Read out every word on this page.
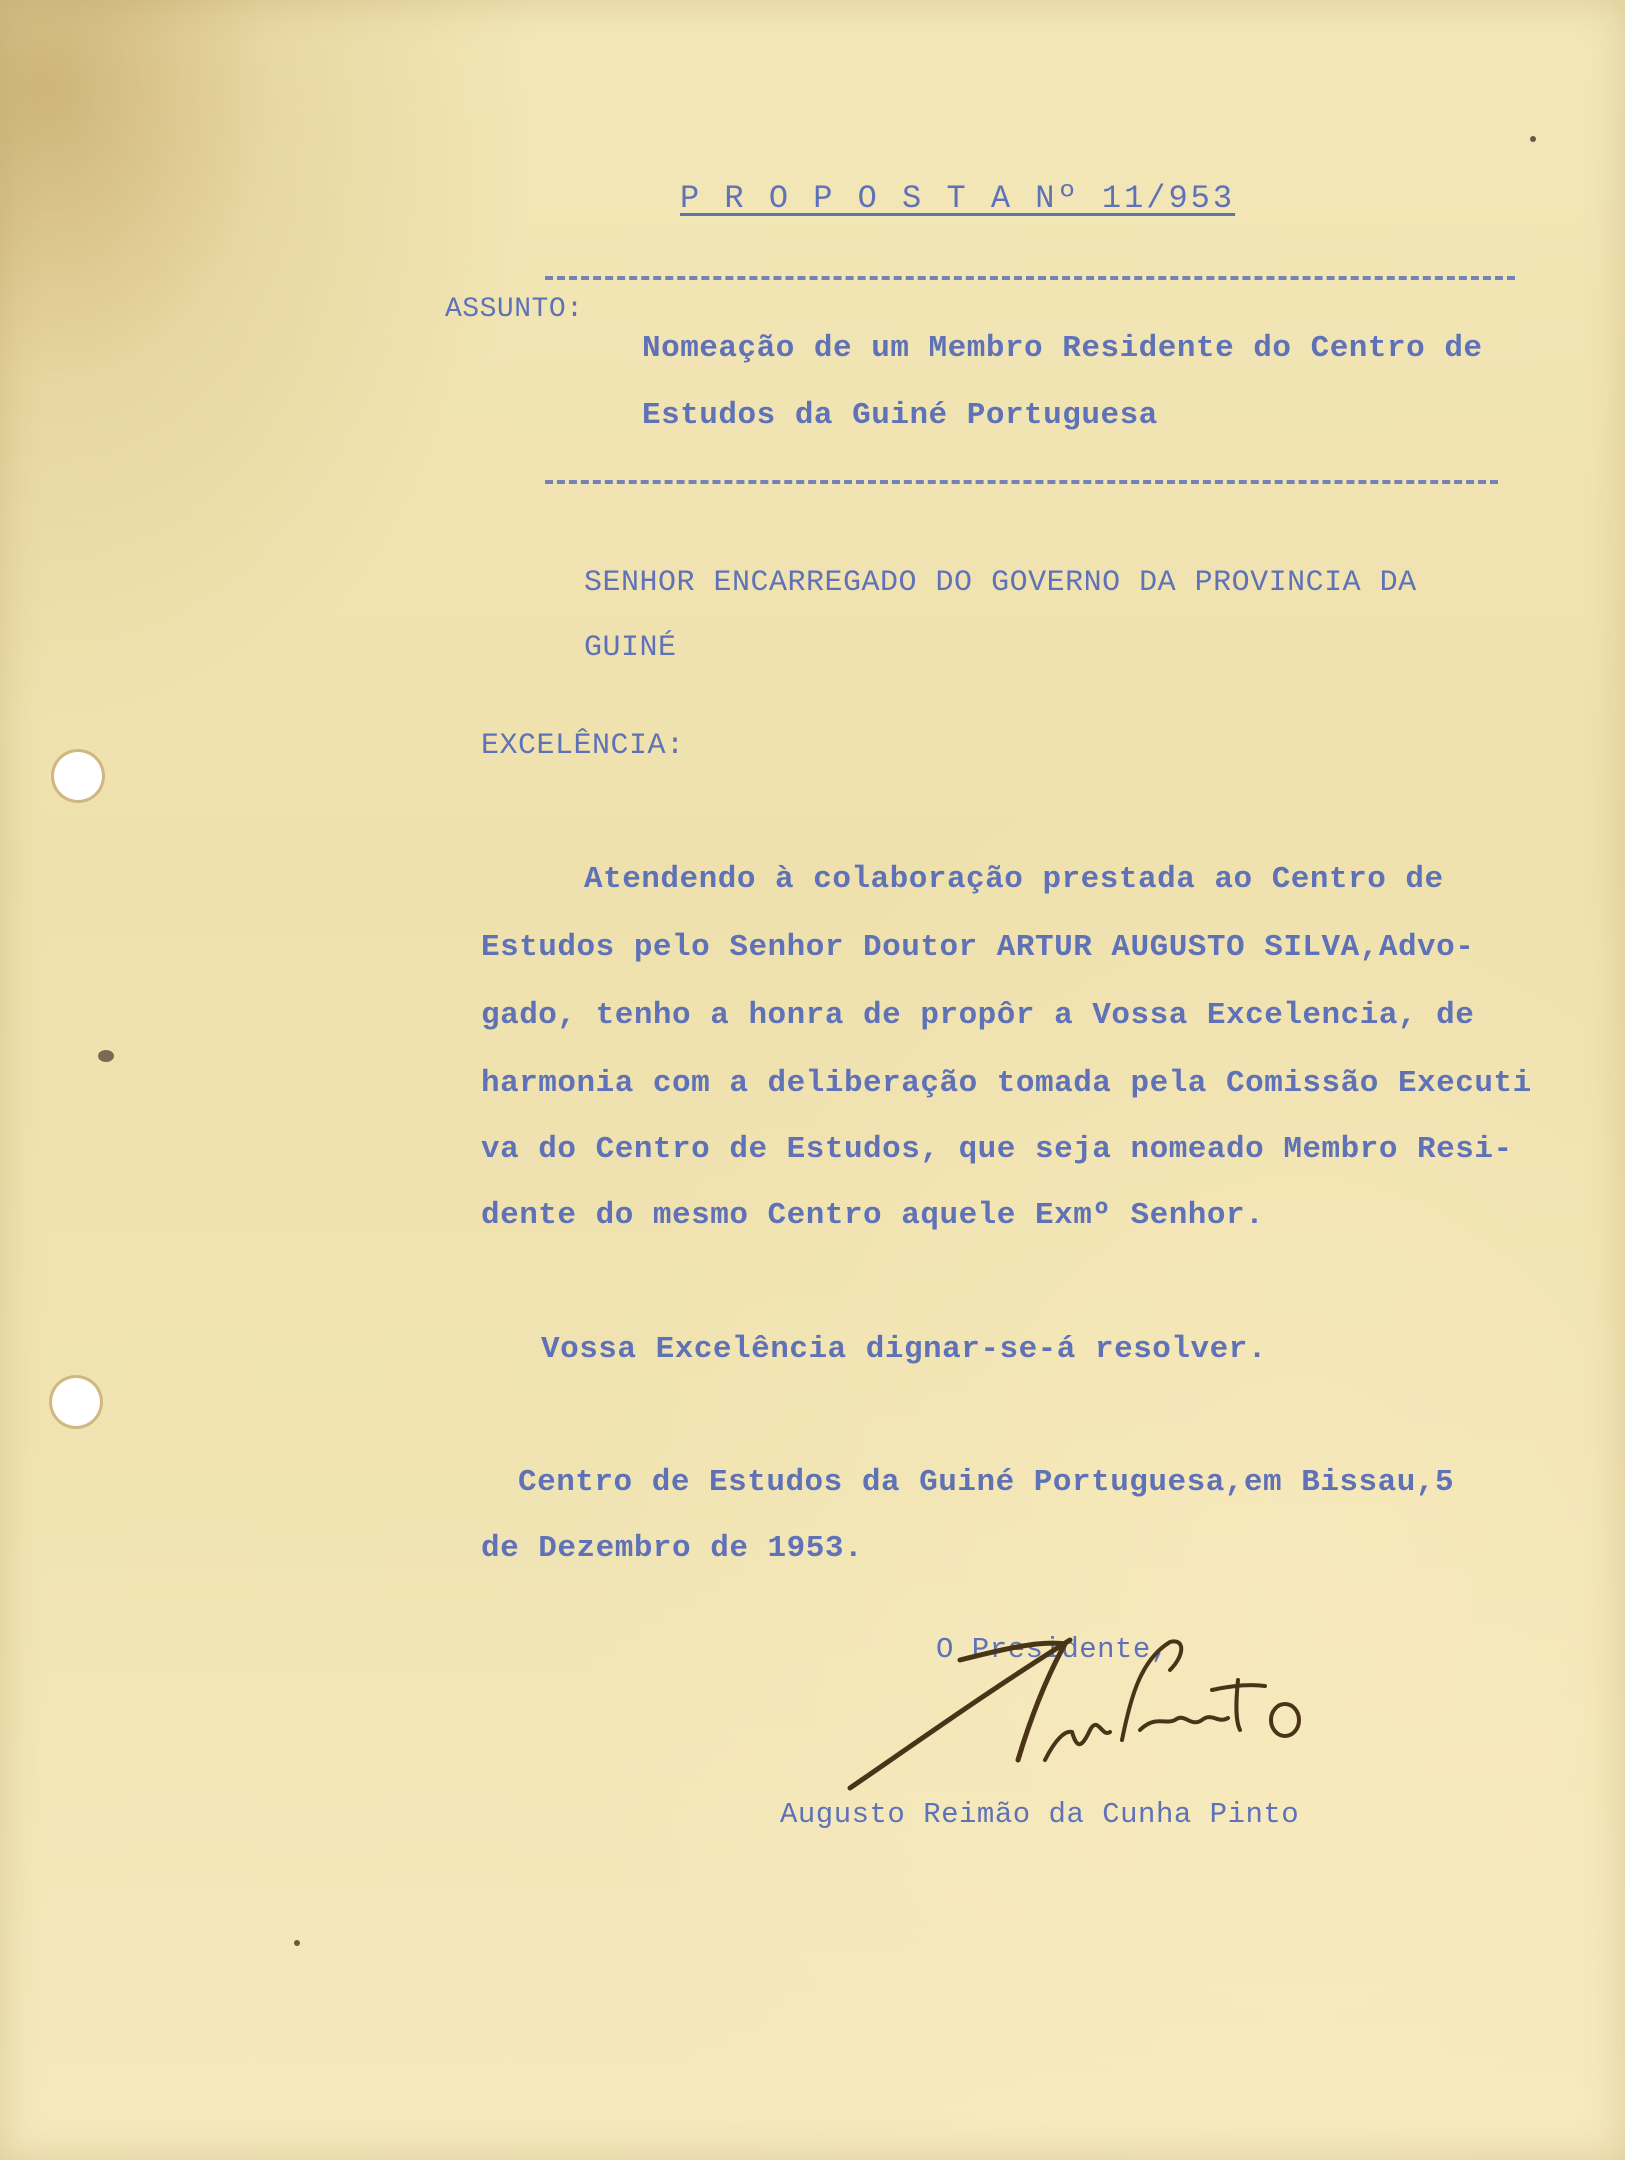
P R O P O S T A Nº 11/953
ASSUNTO:
Nomeação de um Membro Residente do Centro de
Estudos da Guiné Portuguesa
SENHOR ENCARREGADO DO GOVERNO DA PROVINCIA DA
GUINÉ
EXCELÊNCIA:
Atendendo à colaboração prestada ao Centro de
Estudos pelo Senhor Doutor ARTUR AUGUSTO SILVA,Advo-
gado, tenho a honra de propôr a Vossa Excelencia, de
harmonia com a deliberação tomada pela Comissão Executi
va do Centro de Estudos, que seja nomeado Membro Resi-
dente do mesmo Centro aquele Exmº Senhor.
Vossa Excelência dignar-se-á resolver.
Centro de Estudos da Guiné Portuguesa,em Bissau,5
de Dezembro de 1953.
O Presidente,
Augusto Reimão da Cunha Pinto
